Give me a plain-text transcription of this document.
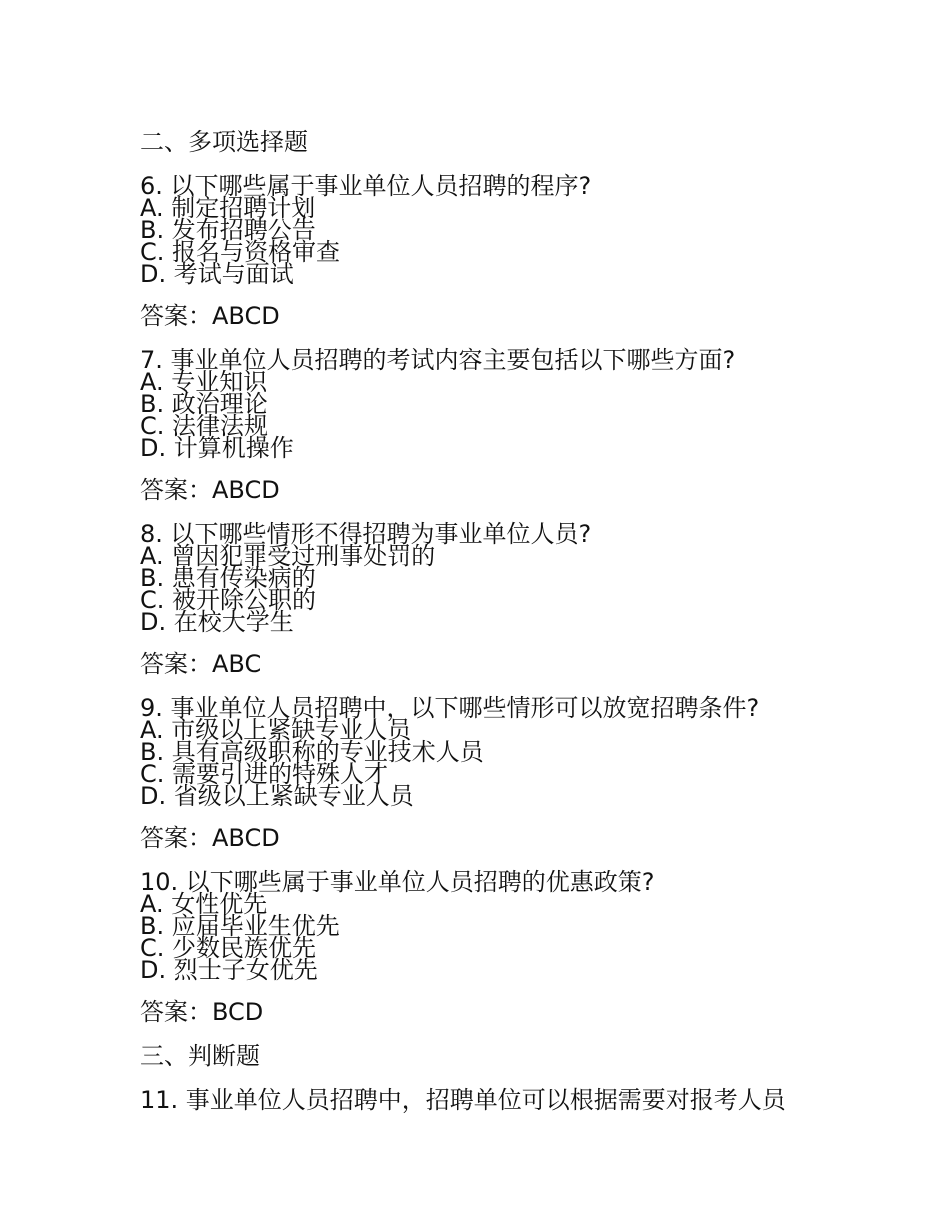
二、多项选择题
6. 以下哪些属于事业单位人员招聘的程序?
A. 制定招聘计划
B. 发布招聘公告
C. 报名与资格审查
D. 考试与面试
答案：ABCD
7. 事业单位人员招聘的考试内容主要包括以下哪些方面?
A. 专业知识
B. 政治理论
C. 法律法规
D. 计算机操作
答案：ABCD
8. 以下哪些情形不得招聘为事业单位人员?
A. 曾因犯罪受过刑事处罚的
B. 患有传染病的
C. 被开除公职的
D. 在校大学生
答案：ABC
9. 事业单位人员招聘中，以下哪些情形可以放宽招聘条件?
A. 市级以上紧缺专业人员
B. 具有高级职称的专业技术人员
C. 需要引进的特殊人才
D. 省级以上紧缺专业人员
答案：ABCD
10. 以下哪些属于事业单位人员招聘的优惠政策?
A. 女性优先
B. 应届毕业生优先
C. 少数民族优先
D. 烈士子女优先
答案：BCD
三、判断题
11. 事业单位人员招聘中，招聘单位可以根据需要对报考人员
